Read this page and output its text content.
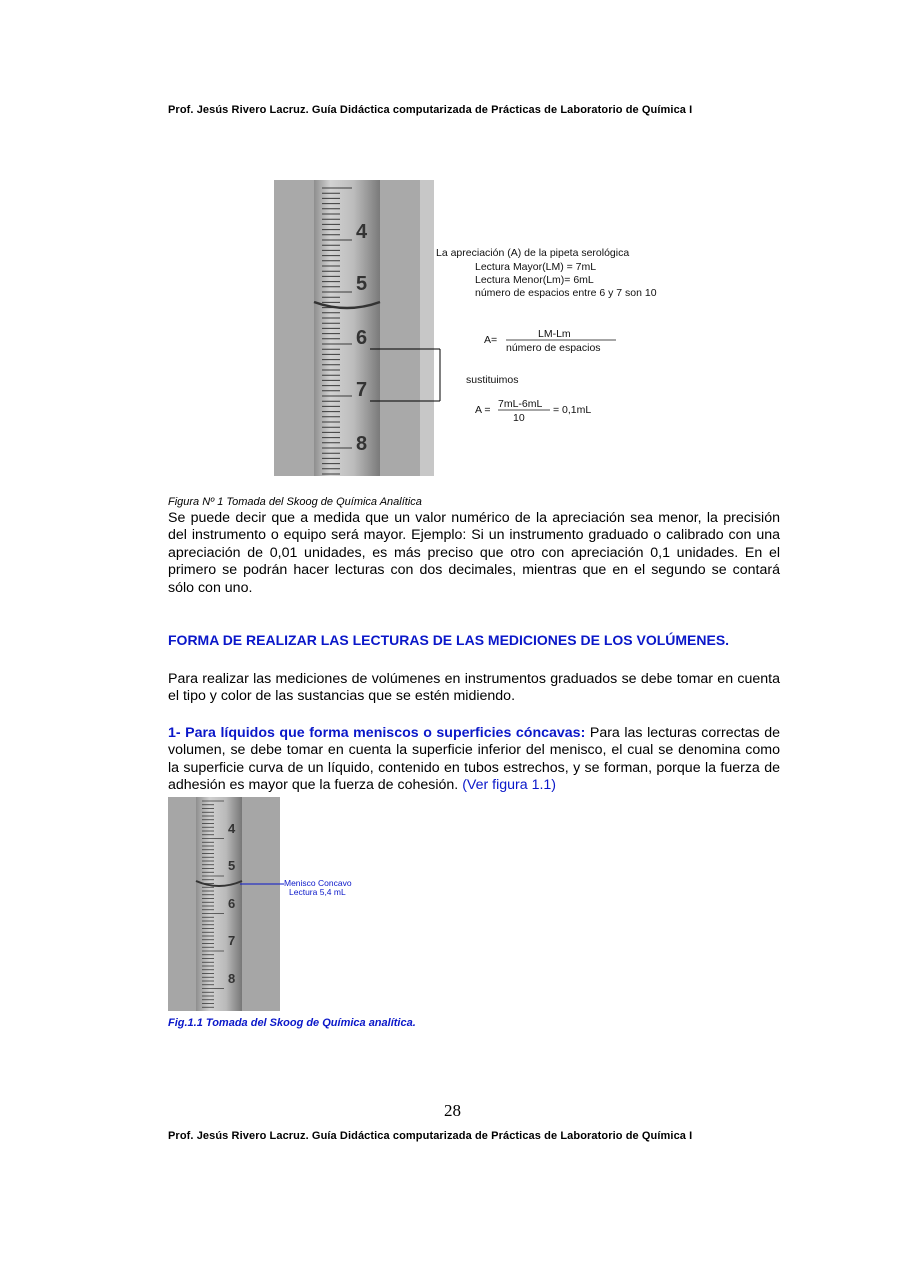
Prof. Jesús Rivero Lacruz. Guía Didáctica computarizada de Prácticas de Laboratorio de Química I
4
5
6
7
8
La apreciación (A) de la pipeta serológica
Lectura Mayor(LM) = 7mL
Lectura Menor(Lm)= 6mL
número de espacios entre 6 y 7 son 10
A=	LM-Lm
número de espacios
sustituimos
A = 7mL-6mL
10
= 0,1mL
Figura Nº 1 Tomada del Skoog de Química Analítica
Se puede decir que a medida que un valor numérico de la apreciación sea menor, la precisión del instrumento o equipo será mayor. Ejemplo: Si un instrumento graduado o calibrado con una apreciación de 0,01 unidades, es más preciso que otro con apreciación 0,1 unidades. En el primero se podrán hacer lecturas con dos decimales, mientras que en el segundo se contará sólo con uno.
FORMA DE REALIZAR LAS LECTURAS DE LAS MEDICIONES DE LOS VOLÚMENES.
Para realizar las mediciones de volúmenes en instrumentos graduados se debe tomar en cuenta el tipo y color de las sustancias que se estén midiendo.
1- Para líquidos que forma meniscos o superficies cóncavas: Para las lecturas correctas de volumen, se debe tomar en cuenta la superficie inferior del menisco, el cual se denomina como la superficie curva de un líquido, contenido en tubos estrechos, y se forman, porque la fuerza de adhesión es mayor que la fuerza de cohesión. (Ver figura 1.1)
4
5
6
7
8
Menisco Concavo
Lectura 5,4 mL
Fig.1.1 Tomada del Skoog de Química analítica.
28
Prof. Jesús Rivero Lacruz. Guía Didáctica computarizada de Prácticas de Laboratorio de Química I
